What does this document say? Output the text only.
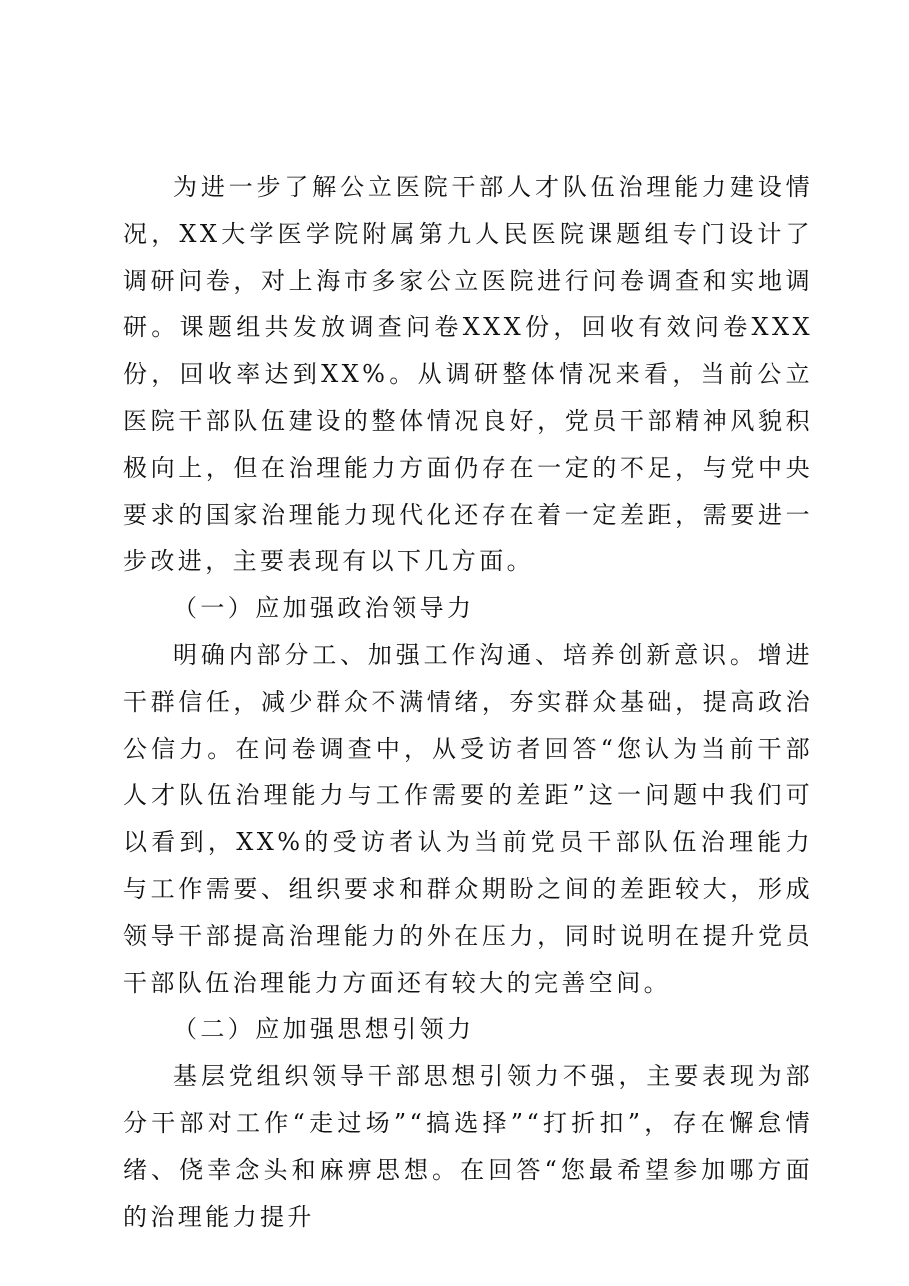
为进一步了解公立医院干部人才队伍治理能力建设情况，XX大学医学院附属第九人民医院课题组专门设计了调研问卷，对上海市多家公立医院进行问卷调查和实地调研。课题组共发放调查问卷XXX份，回收有效问卷XXX份，回收率达到XX%。从调研整体情况来看，当前公立医院干部队伍建设的整体情况良好，党员干部精神风貌积极向上，但在治理能力方面仍存在一定的不足，与党中央要求的国家治理能力现代化还存在着一定差距，需要进一步改进，主要表现有以下几方面。

（一）应加强政治领导力

明确内部分工、加强工作沟通、培养创新意识。增进干群信任，减少群众不满情绪，夯实群众基础，提高政治公信力。在问卷调查中，从受访者回答“您认为当前干部人才队伍治理能力与工作需要的差距”这一问题中我们可以看到，XX%的受访者认为当前党员干部队伍治理能力与工作需要、组织要求和群众期盼之间的差距较大，形成领导干部提高治理能力的外在压力，同时说明在提升党员干部队伍治理能力方面还有较大的完善空间。

（二）应加强思想引领力

基层党组织领导干部思想引领力不强，主要表现为部分干部对工作“走过场”“搞选择”“打折扣”，存在懈怠情绪、侥幸念头和麻痹思想。在回答“您最希望参加哪方面的治理能力提升
